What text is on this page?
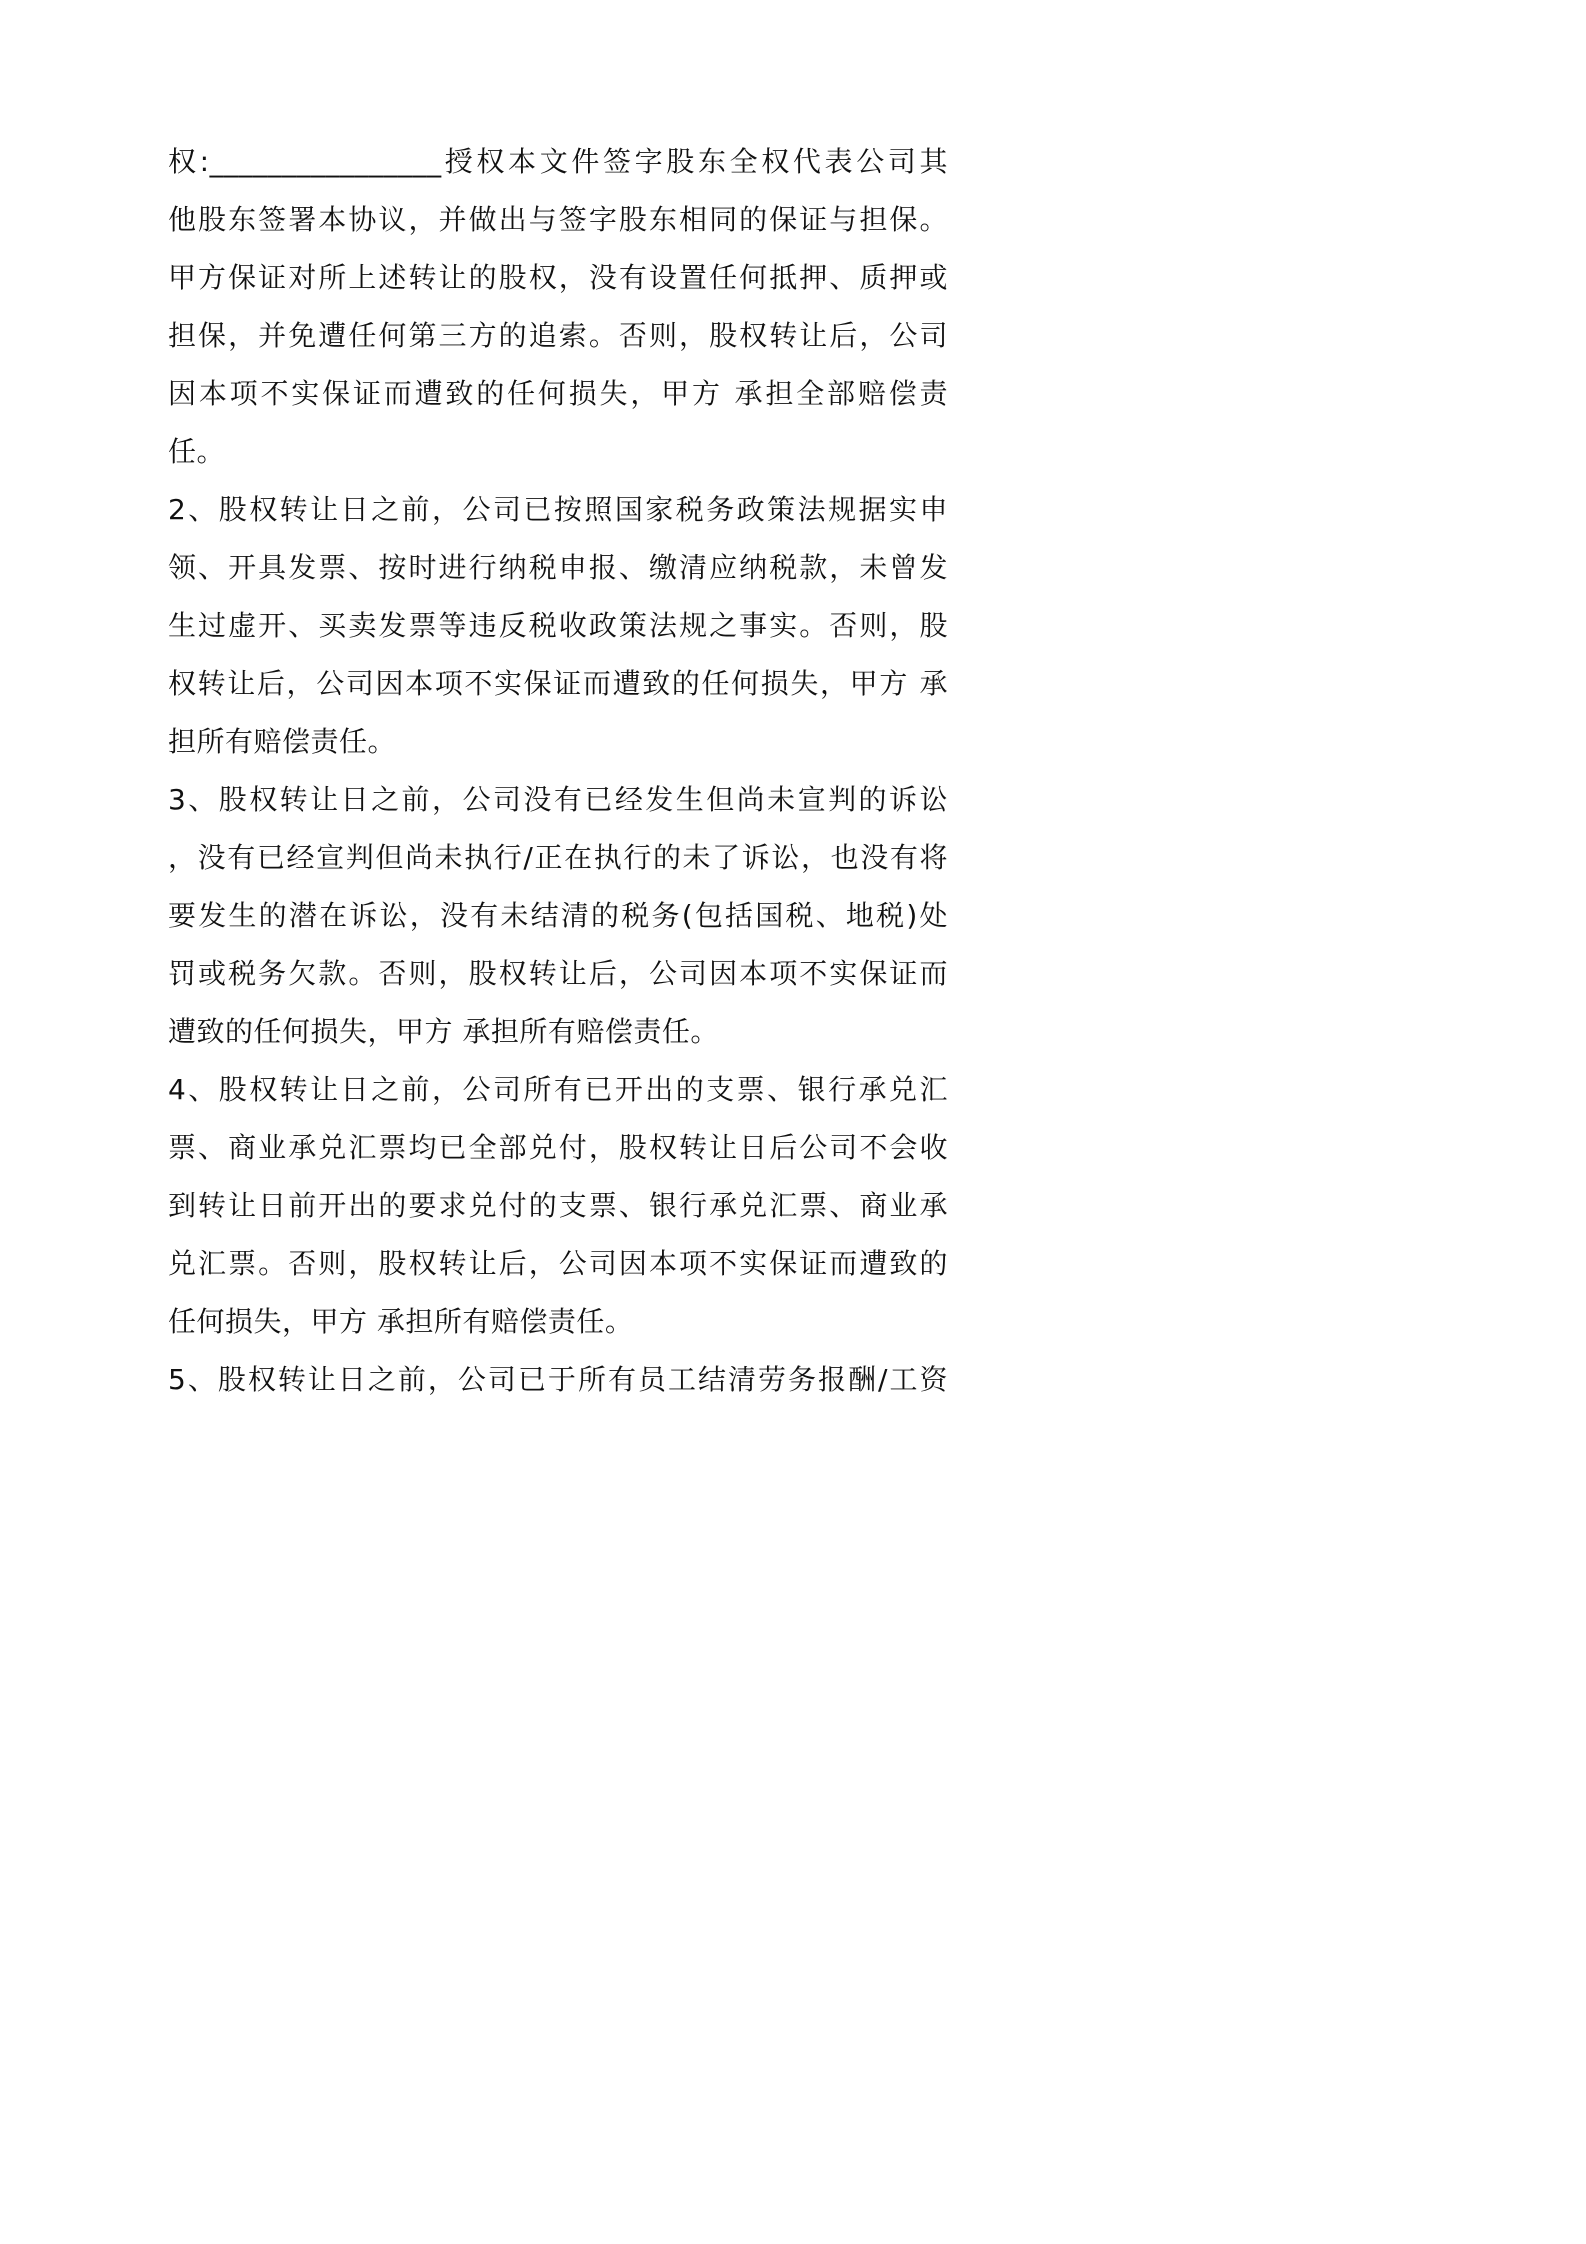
权:________________授权本文件签字股东全权代表公司其
他股东签署本协议，并做出与签字股东相同的保证与担保。
甲方保证对所上述转让的股权，没有设置任何抵押、质押或
担保，并免遭任何第三方的追索。否则，股权转让后，公司
因本项不实保证而遭致的任何损失，甲方 承担全部赔偿责
任。
2、股权转让日之前，公司已按照国家税务政策法规据实申
领、开具发票、按时进行纳税申报、缴清应纳税款，未曾发
生过虚开、买卖发票等违反税收政策法规之事实。否则，股
权转让后，公司因本项不实保证而遭致的任何损失，甲方 承
担所有赔偿责任。
3、股权转让日之前，公司没有已经发生但尚未宣判的诉讼
，没有已经宣判但尚未执行/正在执行的未了诉讼，也没有将
要发生的潜在诉讼，没有未结清的税务(包括国税、地税)处
罚或税务欠款。否则，股权转让后，公司因本项不实保证而
遭致的任何损失，甲方 承担所有赔偿责任。
4、股权转让日之前，公司所有已开出的支票、银行承兑汇
票、商业承兑汇票均已全部兑付，股权转让日后公司不会收
到转让日前开出的要求兑付的支票、银行承兑汇票、商业承
兑汇票。否则，股权转让后，公司因本项不实保证而遭致的
任何损失，甲方 承担所有赔偿责任。
5、股权转让日之前，公司已于所有员工结清劳务报酬/工资
